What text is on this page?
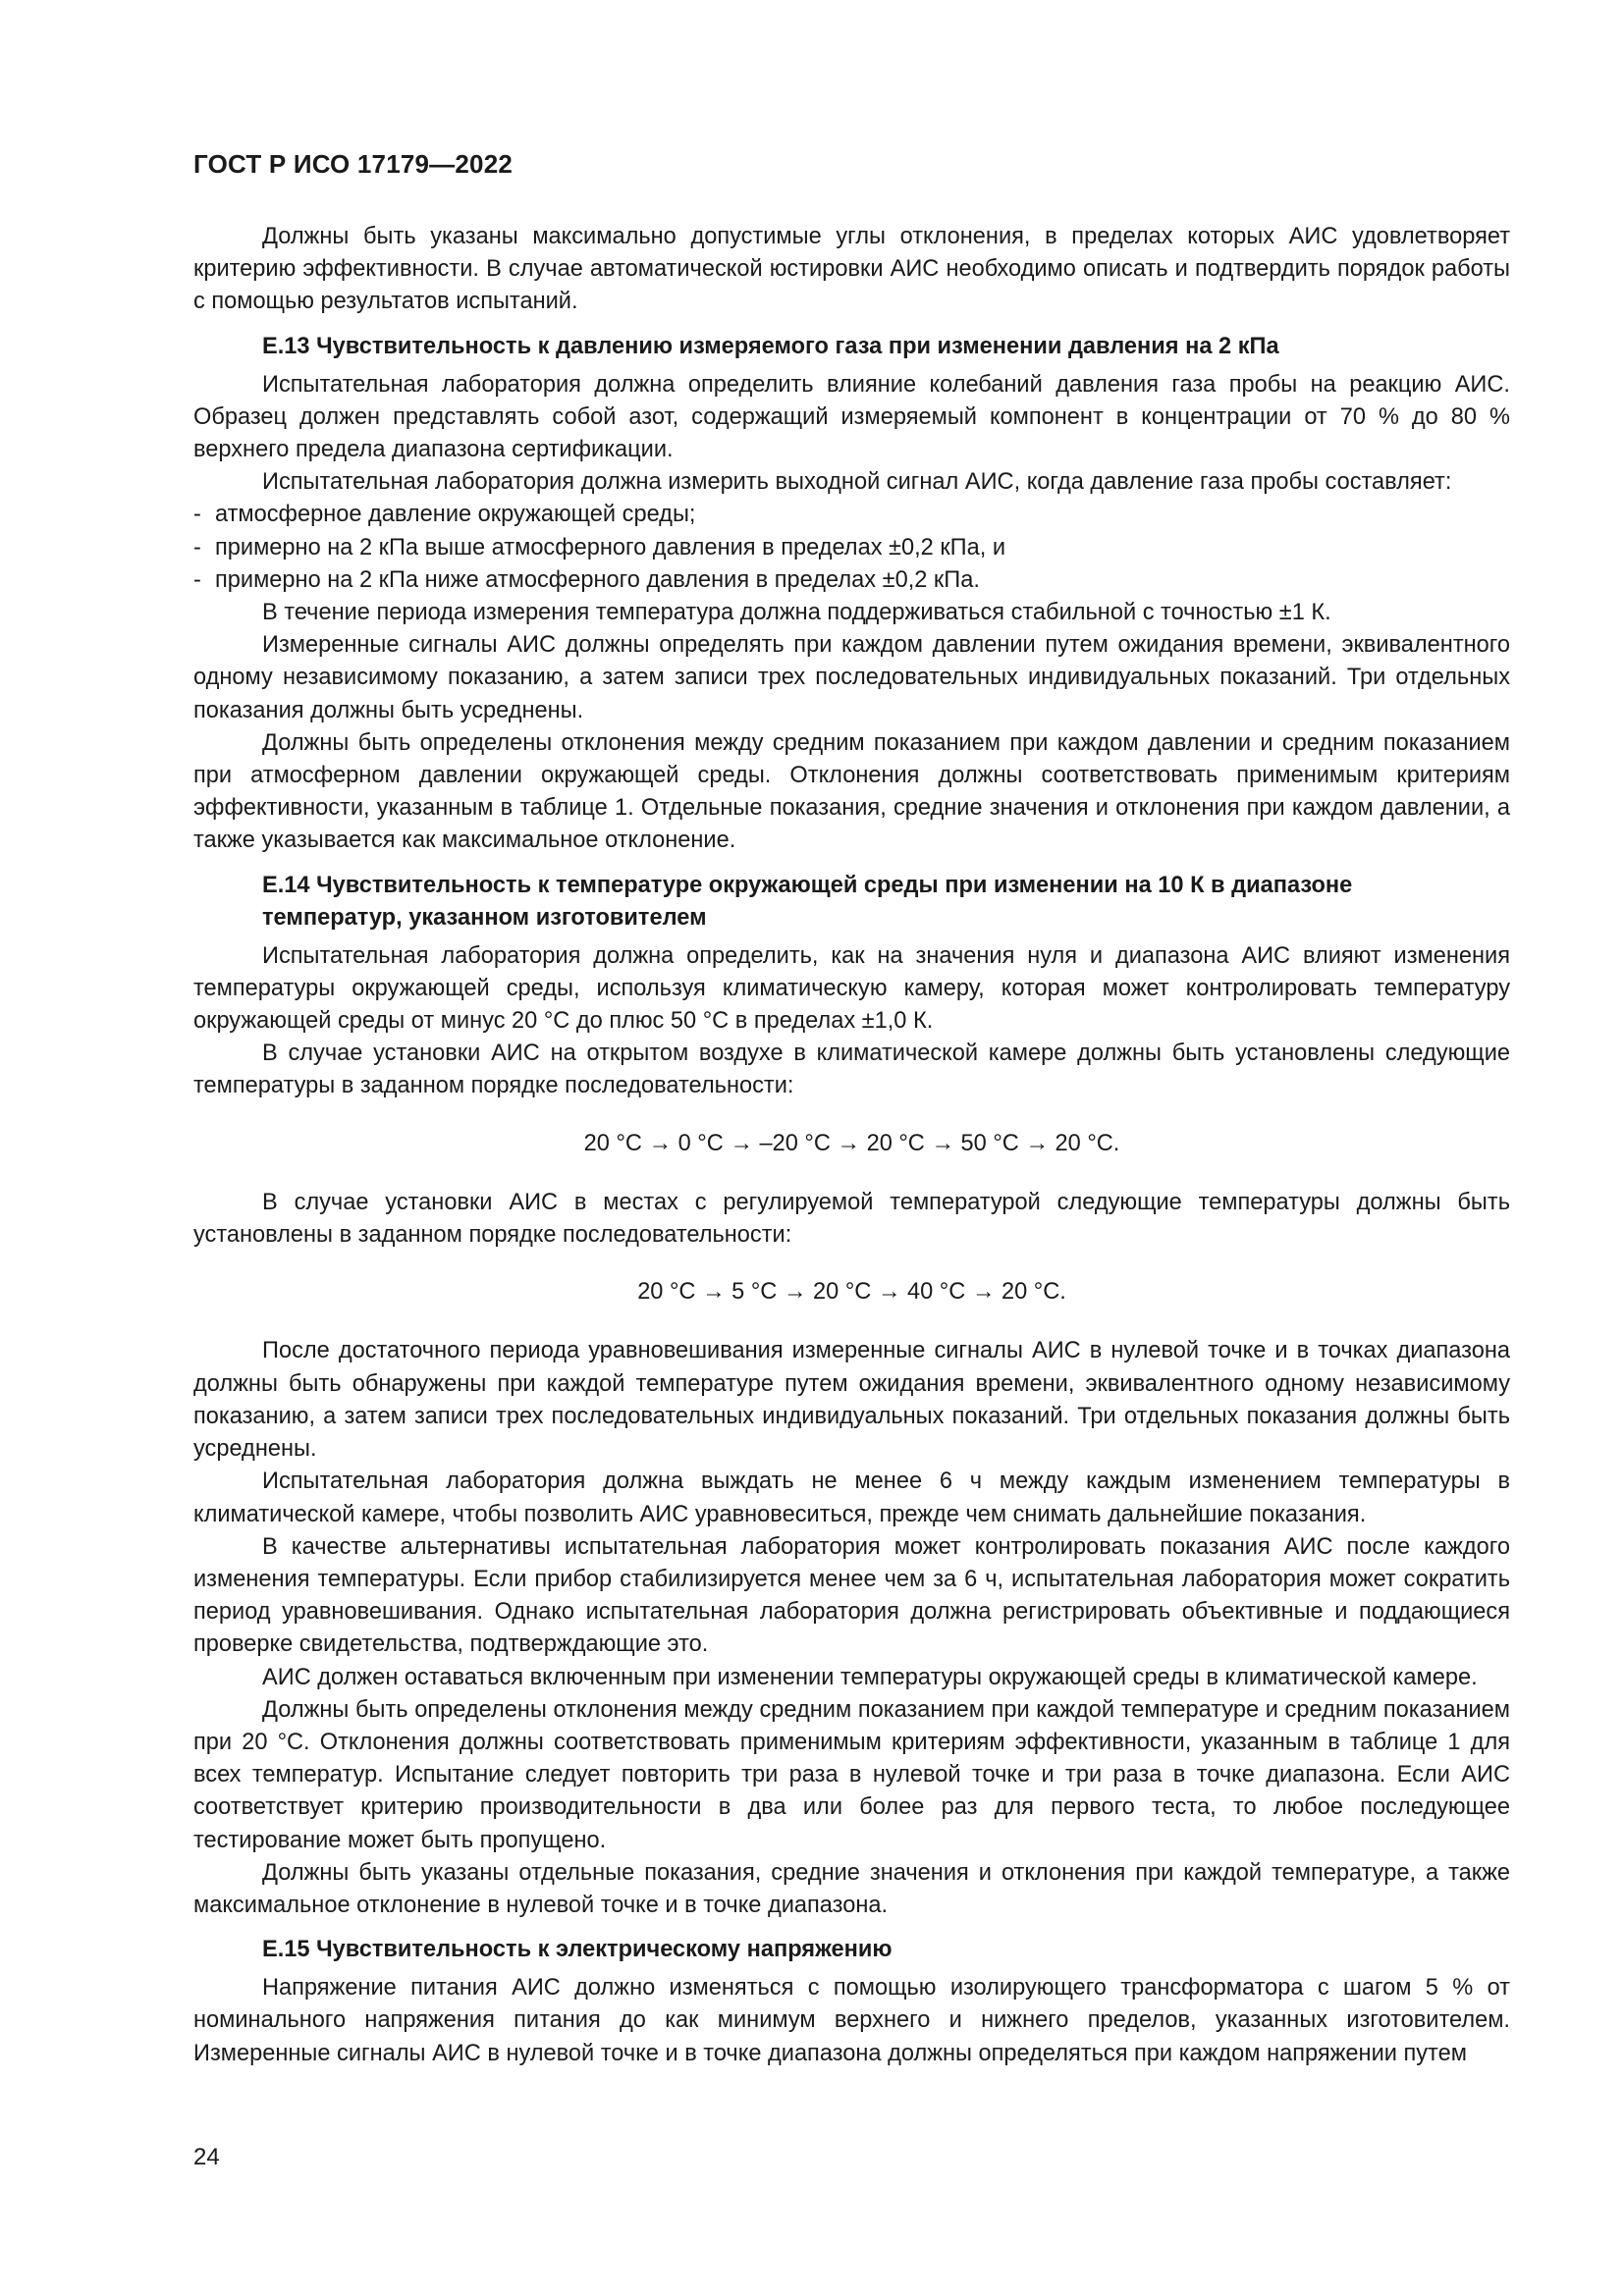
ГОСТ Р ИСО 17179—2022

Должны быть указаны максимально допустимые углы отклонения, в пределах которых АИС удовлетворяет критерию эффективности. В случае автоматической юстировки АИС необходимо описать и подтвердить порядок работы с помощью результатов испытаний.

Е.13 Чувствительность к давлению измеряемого газа при изменении давления на 2 кПа

Испытательная лаборатория должна определить влияние колебаний давления газа пробы на реакцию АИС. Образец должен представлять собой азот, содержащий измеряемый компонент в концентрации от 70 % до 80 % верхнего предела диапазона сертификации.

Испытательная лаборатория должна измерить выходной сигнал АИС, когда давление газа пробы составляет:

- атмосферное давление окружающей среды;
- примерно на 2 кПа выше атмосферного давления в пределах ±0,2 кПа, и
- примерно на 2 кПа ниже атмосферного давления в пределах ±0,2 кПа.

В течение периода измерения температура должна поддерживаться стабильной с точностью ±1 К.

Измеренные сигналы АИС должны определять при каждом давлении путем ожидания времени, эквивалентного одному независимому показанию, а затем записи трех последовательных индивидуальных показаний. Три отдельных показания должны быть усреднены.

Должны быть определены отклонения между средним показанием при каждом давлении и средним показанием при атмосферном давлении окружающей среды. Отклонения должны соответствовать применимым критериям эффективности, указанным в таблице 1. Отдельные показания, средние значения и отклонения при каждом давлении, а также указывается как максимальное отклонение.

Е.14 Чувствительность к температуре окружающей среды при изменении на 10 К в диапазоне
температур, указанном изготовителем

Испытательная лаборатория должна определить, как на значения нуля и диапазона АИС влияют изменения температуры окружающей среды, используя климатическую камеру, которая может контролировать температуру окружающей среды от минус 20 °С до плюс 50 °С в пределах ±1,0 К.

В случае установки АИС на открытом воздухе в климатической камере должны быть установлены следующие температуры в заданном порядке последовательности:

20 °С → 0 °С → –20 °С → 20 °С → 50 °С → 20 °С.

В случае установки АИС в местах с регулируемой температурой следующие температуры должны быть установлены в заданном порядке последовательности:

20 °С → 5 °С → 20 °С → 40 °С → 20 °С.

После достаточного периода уравновешивания измеренные сигналы АИС в нулевой точке и в точках диапазона должны быть обнаружены при каждой температуре путем ожидания времени, эквивалентного одному независимому показанию, а затем записи трех последовательных индивидуальных показаний. Три отдельных показания должны быть усреднены.

Испытательная лаборатория должна выждать не менее 6 ч между каждым изменением температуры в климатической камере, чтобы позволить АИС уравновеситься, прежде чем снимать дальнейшие показания.

В качестве альтернативы испытательная лаборатория может контролировать показания АИС после каждого изменения температуры. Если прибор стабилизируется менее чем за 6 ч, испытательная лаборатория может сократить период уравновешивания. Однако испытательная лаборатория должна регистрировать объективные и поддающиеся проверке свидетельства, подтверждающие это.

АИС должен оставаться включенным при изменении температуры окружающей среды в климатической камере.

Должны быть определены отклонения между средним показанием при каждой температуре и средним показанием при 20 °С. Отклонения должны соответствовать применимым критериям эффективности, указанным в таблице 1 для всех температур. Испытание следует повторить три раза в нулевой точке и три раза в точке диапазона. Если АИС соответствует критерию производительности в два или более раз для первого теста, то любое последующее тестирование может быть пропущено.

Должны быть указаны отдельные показания, средние значения и отклонения при каждой температуре, а также максимальное отклонение в нулевой точке и в точке диапазона.

Е.15 Чувствительность к электрическому напряжению

Напряжение питания АИС должно изменяться с помощью изолирующего трансформатора с шагом 5 % от номинального напряжения питания до как минимум верхнего и нижнего пределов, указанных изготовителем. Измеренные сигналы АИС в нулевой точке и в точке диапазона должны определяться при каждом напряжении путем

24
